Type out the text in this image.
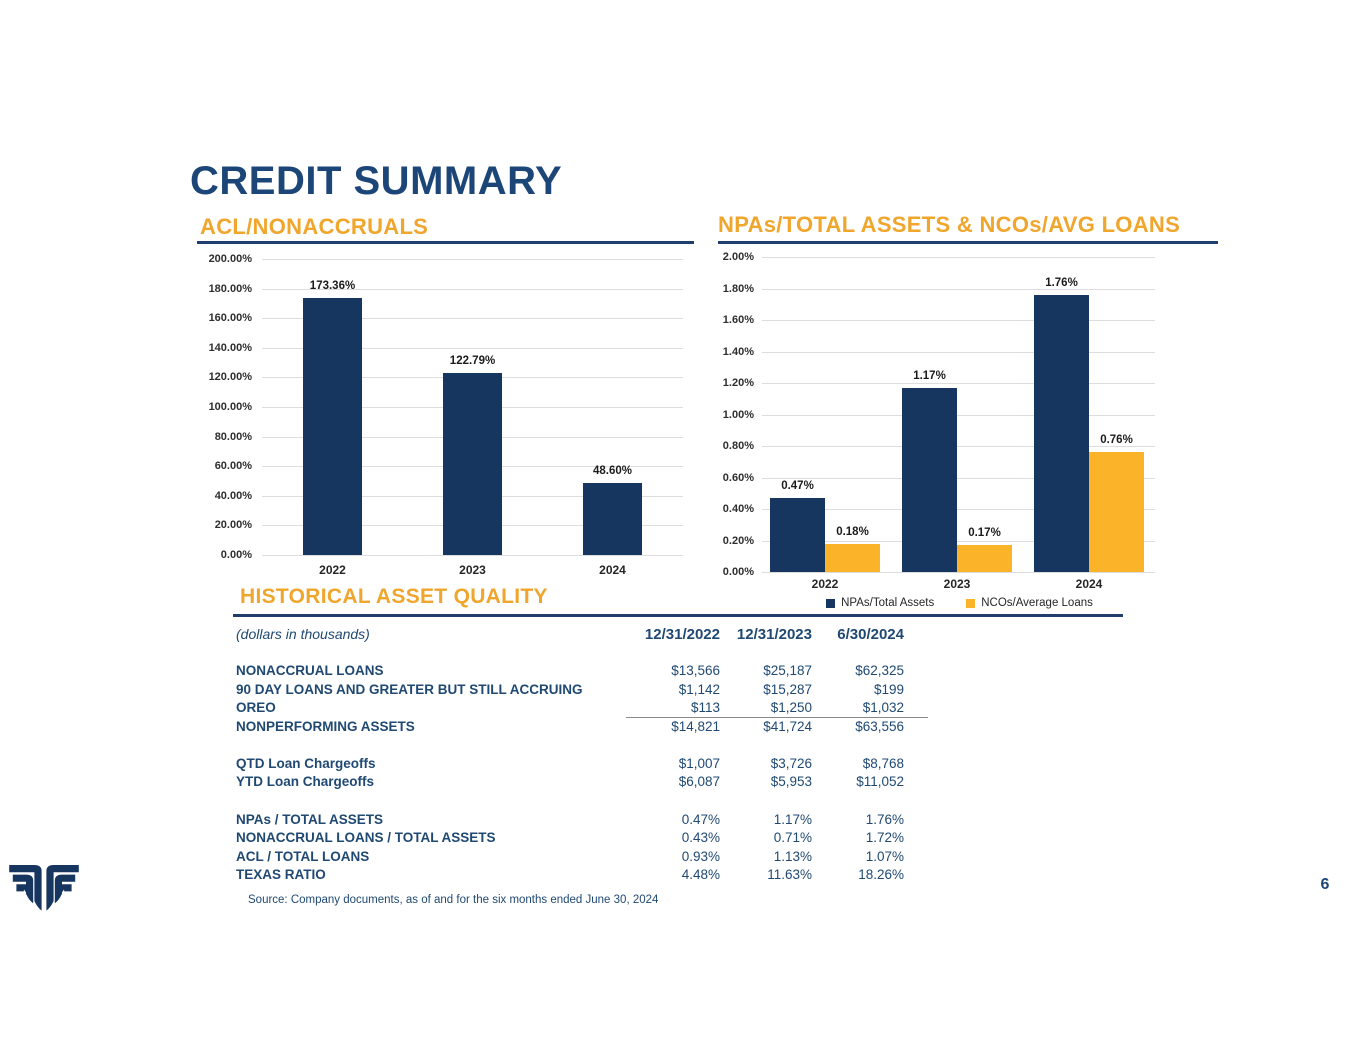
CREDIT SUMMARY
ACL/NONACCRUALS
200.00%
180.00%
160.00%
140.00%
120.00%
100.00%
80.00%
60.00%
40.00%
20.00%
0.00%
173.36%
2022
122.79%
2023
48.60%
2024
NPAs/TOTAL ASSETS & NCOs/AVG LOANS
2.00%
1.80%
1.60%
1.40%
1.20%
1.00%
0.80%
0.60%
0.40%
0.20%
0.00%
0.47%
0.18%
2022
1.17%
0.17%
2023
1.76%
0.76%
2024
NPAs/Total Assets	NCOs/Average Loans
HISTORICAL ASSET QUALITY
(dollars in thousands)	12/31/2022	12/31/2023	6/30/2024
NONACCRUAL LOANS	$13,566	$25,187	$62,325
90 DAY LOANS AND GREATER BUT STILL ACCRUING	$1,142	$15,287	$199
OREO	$113	$1,250	$1,032
NONPERFORMING ASSETS	$14,821	$41,724	$63,556
QTD Loan Chargeoffs	$1,007	$3,726	$8,768
YTD Loan Chargeoffs	$6,087	$5,953	$11,052
NPAs / TOTAL ASSETS	0.47%	1.17%	1.76%
NONACCRUAL LOANS / TOTAL ASSETS	0.43%	0.71%	1.72%
ACL / TOTAL LOANS	0.93%	1.13%	1.07%
TEXAS RATIO	4.48%	11.63%	18.26%
Source: Company documents, as of and for the six months ended June 30, 2024
6
